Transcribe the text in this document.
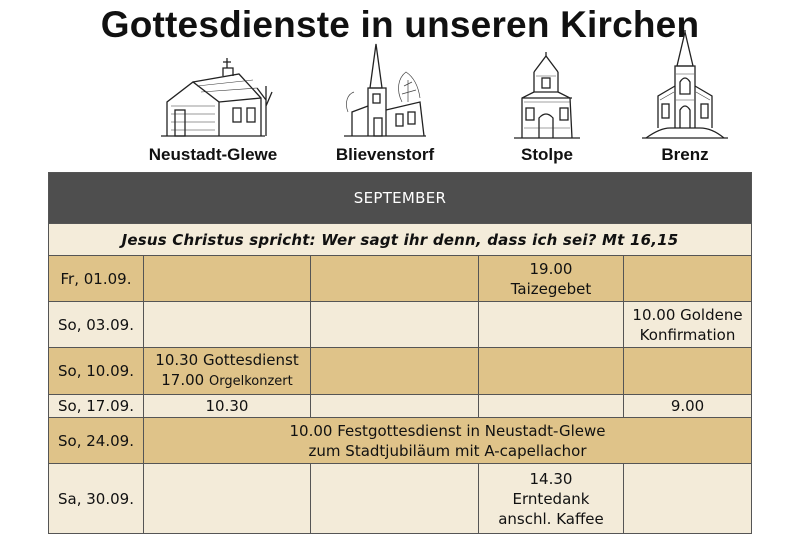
Gottesdienste in unseren Kirchen
Neustadt-Glewe	Blievenstorf	Stolpe	Brenz
SEPTEMBER				
Jesus Christus spricht: Wer sagt ihr denn, dass ich sei? Mt 16,15				
Fr, 01.09.			19.00
Taizegebet	

So, 03.09.				10.00 Goldene
Konfirmation

So, 10.09.	10.30 Gottesdienst
17.00 Orgelkonzert			

So, 17.09.	10.30			9.00
So, 24.09.	10.00 Festgottesdienst in Neustadt-Glewe
zum Stadtjubiläum mit A-capellachor			

Sa, 30.09.			14.30
Erntedank
anschl. Kaffee	
